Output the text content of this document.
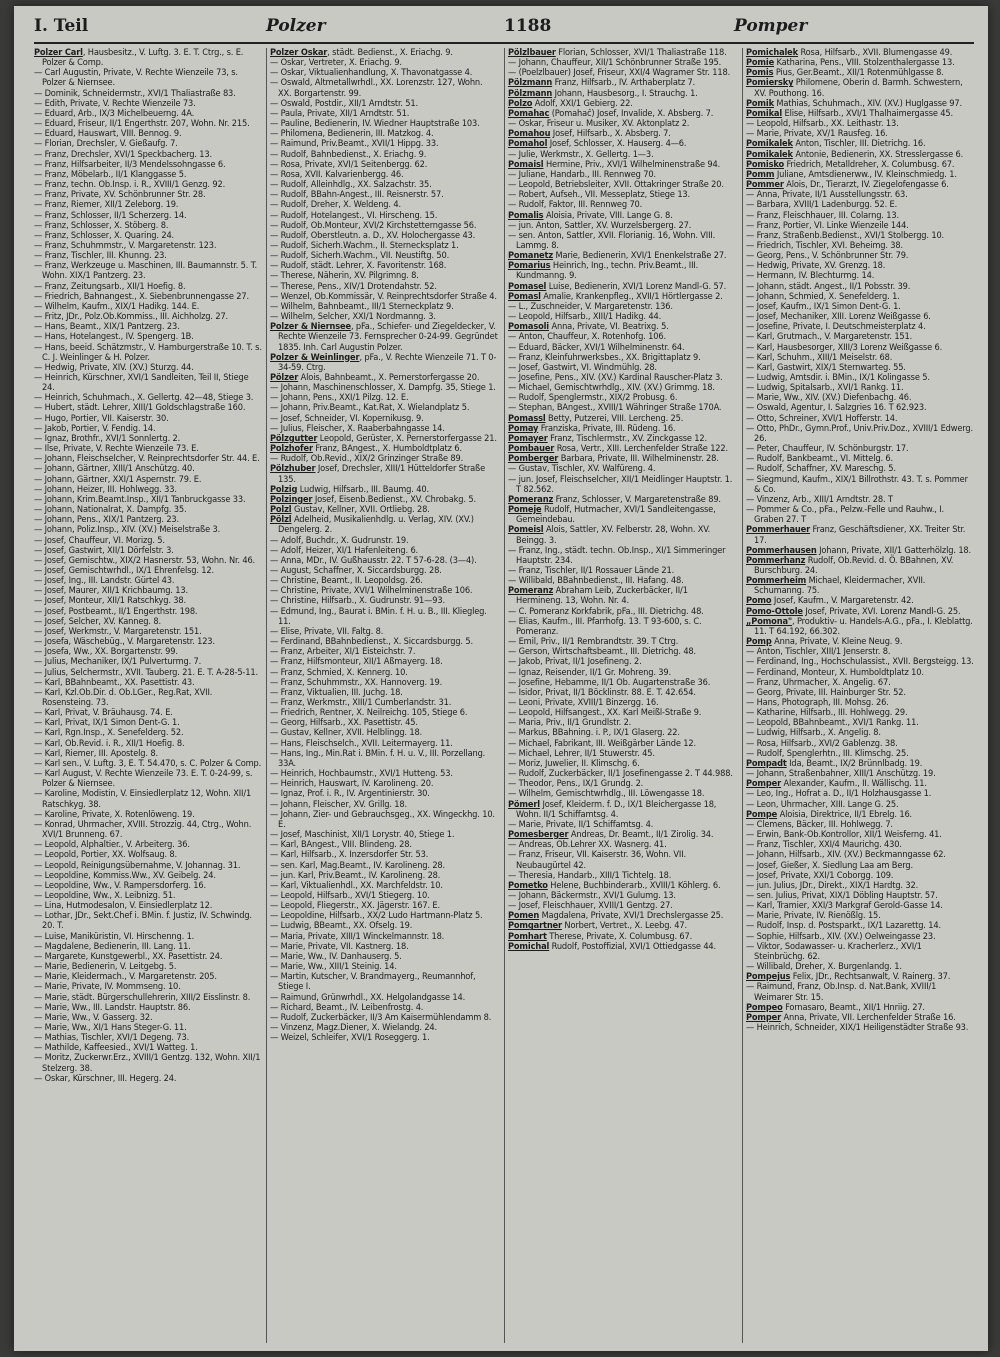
I. Teil	Polzer	1188	Pomper

Polzer Carl, Hausbesitz., V. Luftg. 3. E. T. Ctrg., s. E. Polzer & Comp.

— Carl Augustin, Private, V. Rechte Wienzeile 73, s. Polzer & Niernsee.

— Dominik, Schneidermstr., XVI/1 Thaliastraße 83.

— Edith, Private, V. Rechte Wienzeile 73.

— Eduard, Arb., IX/3 Michelbeuerng. 4A.

— Eduard, Friseur, II/1 Engerthstr. 207, Wohn. Nr. 215.

— Eduard, Hauswart, VIII. Bennog. 9.

— Florian, Drechsler, V. Gießaufg. 7.

— Franz, Drechsler, XVI/1 Speckbacherg. 13.

— Franz, Hilfsarbeiter, II/3 Mendelssohngasse 6.

— Franz, Möbelarb., II/1 Klanggasse 5.

— Franz, techn. Ob.Insp. i. R., XVIII/1 Genzg. 92.

— Franz, Private, XV. Schönbrunner Str. 28.

— Franz, Riemer, XII/1 Zeleborg. 19.

— Franz, Schlosser, II/1 Scherzerg. 14.

— Franz, Schlosser, X. Stöberg. 8.

— Franz, Schlosser, X. Quaring. 24.

— Franz, Schuhmmstr., V. Margaretenstr. 123.

— Franz, Tischler, III. Khunng. 23.

— Franz, Werkzeuge u. Maschinen, III. Baumannstr. 5. T. Wohn. XIX/1 Pantzerg. 23.

— Franz, Zeitungsarb., XII/1 Hoefig. 8.

— Friedrich, Bahnangest., X. Siebenbrunnengasse 27.

— Wilhelm, Kaufm., XIX/1 Hadikg. 144. E.

— Fritz, JDr., Polz.Ob.Kommiss., III. Aichholzg. 27.

— Hans, Beamt., XIX/1 Pantzerg. 23.

— Hans, Hotelangest., IV. Spengerg. 1B.

— Hans, beeid. Schätzmstr., V. Hamburgerstraße 10. T. s. C. J. Weinlinger & H. Polzer.

— Hedwig, Private, XIV. (XV.) Sturzg. 44.

— Heinrich, Kürschner, XVI/1 Sandleiten, Teil II, Stiege 24.

— Heinrich, Schuhmach., X. Gellertg. 42—48, Stiege 3.

— Hubert, städt. Lehrer, XIII/1 Goldschlagstraße 160.

— Hugo, Portier, VII. Kaiserstr. 30.

— Jakob, Portier, V. Fendig. 14.

— Ignaz, Brothfr., XVI/1 Sonnlertg. 2.

— Ilse, Private, V. Rechte Wienzeile 73. E.

— Johann, Fleischselcher, V. Reinprechtsdorfer Str. 44. E.

— Johann, Gärtner, XIII/1 Anschützg. 40.

— Johann, Gärtner, XXI/1 Aspernstr. 79. E.

— Johann, Heizer, III. Hohlwegg. 33.

— Johann, Krim.Beamt.Insp., XII/1 Tanbruckgasse 33.

— Johann, Nationalrat, X. Dampfg. 35.

— Johann, Pens., XIX/1 Pantzerg. 23.

— Johann, Poliz.Insp., XIV. (XV.) Meiselstraße 3.

— Josef, Chauffeur, VI. Morizg. 5.

— Josef, Gastwirt, XII/1 Dörfelstr. 3.

— Josef, Gemischtw., XIX/2 Hasnerstr. 53, Wohn. Nr. 46.

— Josef, Gemischtwrhdl., IX/1 Ehrenfelsg. 12.

— Josef, Ing., III. Landstr. Gürtel 43.

— Josef, Maurer, XII/1 Krichbaumg. 13.

— Josef, Monteur, XII/1 Ratschkyg. 38.

— Josef, Postbeamt., II/1 Engerthstr. 198.

— Josef, Selcher, XV. Kanneg. 8.

— Josef, Werkmstr., V. Margaretenstr. 151.

— Josefa, Wäschebüg., V. Margaretenstr. 123.

— Josefa, Ww., XX. Borgartenstr. 99.

— Julius, Mechaniker, IX/1 Pulverturmg. 7.

— Julius, Selchermstr., XVII. Tauberg. 21. E. T. A-28-5-11.

— Karl, BBahnbeamt., XX. Pasettistr. 43.

— Karl, Kzl.Ob.Dir. d. Ob.LGer., Reg.Rat, XVII. Rosensteing. 73.

— Karl, Privat, V. Bräuhausg. 74. E.

— Karl, Privat, IX/1 Simon Dent-G. 1.

— Karl, Rgn.Insp., X. Senefelderg. 52.

— Karl, Ob.Revid. i. R., XII/1 Hoefig. 8.

— Karl, Riemer, III. Apostelg. 8.

— Karl sen., V. Luftg. 3, E. T. 54.470, s. C. Polzer & Comp.

— Karl August, V. Rechte Wienzeile 73. E. T. 0-24-99, s. Polzer & Niernsee.

— Karoline, Modistin, V. Einsiedlerplatz 12, Wohn. XII/1 Ratschkyg. 38.

— Karoline, Private, X. Rotenlöweng. 19.

— Konrad, Uhrmacher, XVIII. Strozzig. 44, Ctrg., Wohn. XVI/1 Brunneng. 67.

— Leopold, Alphaltier., V. Arbeiterg. 36.

— Leopold, Portier, XX. Wolfsaug. 8.

— Leopold, Reinigungsübernahme, V. Johannag. 31.

— Leopoldine, Kommiss.Ww., XV. Geibelg. 24.

— Leopoldine, Ww., V. Rampersdorferg. 16.

— Leopoldine, Ww., X. Leibnizg. 51.

— Lina, Hutmodesalon, V. Einsiedlerplatz 12.

— Lothar, JDr., Sekt.Chef i. BMin. f. Justiz, IV. Schwindg. 20. T.

— Luise, Maniküristin, VI. Hirschenng. 1.

— Magdalene, Bedienerin, III. Lang. 11.

— Margarete, Kunstgewerbl., XX. Pasettistr. 24.

— Marie, Bedienerin, V. Leitgebg. 5.

— Marie, Kleidermach., V. Margaretenstr. 205.

— Marie, Private, IV. Mommseng. 10.

— Marie, städt. Bürgerschullehrerin, XIII/2 Eisslinstr. 8.

— Marie, Ww., III. Landstr. Hauptstr. 86.

— Marie, Ww., V. Gasserg. 32.

— Marie, Ww., XI/1 Hans Steger-G. 11.

— Mathias, Tischler, XVI/1 Degeng. 73.

— Mathilde, Kaffeesied., XVI/1 Watteg. 1.

— Moritz, Zuckerwr.Erz., XVIII/1 Gentzg. 132, Wohn. XII/1 Stelzerg. 38.

— Oskar, Kürschner, III. Hegerg. 24.

Polzer Oskar, städt. Bedienst., X. Eriachg. 9.

— Oskar, Vertreter, X. Eriachg. 9.

— Oskar, Viktualienhandlung, X. Thavonatgasse 4.

— Oswald, Altmetallwrhdl., XX. Lorenzstr. 127, Wohn. XX. Borgartenstr. 99.

— Oswald, Postdir., XII/1 Arndtstr. 51.

— Paula, Private, XII/1 Arndtstr. 51.

— Pauline, Bedienerin, IV. Wiedner Hauptstraße 103.

— Philomena, Bedienerin, III. Matzkog. 4.

— Raimund, Priv.Beamt., XVII/1 Hippg. 33.

— Rudolf, Bahnbedienst., X. Eriachg. 9.

— Rosa, Private, XVI/1 Seitenbergg. 62.

— Rosa, XVII. Kalvarienbergg. 46.

— Rudolf, Alleinhdlg., XX. Salzachstr. 35.

— Rudolf, BBahn-Angest., III. Reisnerstr. 57.

— Rudolf, Dreher, X. Weldeng. 4.

— Rudolf, Hotelangest., VI. Hirscheng. 15.

— Rudolf, Ob.Monteur, XVI/2 Kirchstetterngasse 56.

— Rudolf, Oberstleutn. a. D., XV. Holochergasse 43.

— Rudolf, Sicherh.Wachm., II. Sternecksplatz 1.

— Rudolf, Sicherh.Wachm., VII. Neustiftg. 50.

— Rudolf, städt. Lehrer, X. Favoritenstr. 168.

— Therese, Näherin, XV. Pilgrimng. 8.

— Therese, Pens., XIV/1 Drotendahstr. 52.

— Wenzel, Ob.Kommissär, V. Reinprechtsdorfer Straße 4.

— Wilhelm, Bahnbeamt., III/1 Sterneckplatz 9.

— Wilhelm, Selcher, XXI/1 Nordmanng. 3.

Polzer & Niernsee, pFa., Schiefer- und Ziegeldecker, V. Rechte Wienzeile 73. Fernsprecher 0-24-99. Gegründet 1835. Inh. Carl Augustin Polzer.

Polzer & Weinlinger, pFa., V. Rechte Wienzeile 71. T 0-34-59. Ctrg.

Pölzer Alois, Bahnbeamt., X. Pernerstorfergasse 20.

— Johann, Maschinenschlosser, X. Dampfg. 35, Stiege 1.

— Johann, Pens., XXI/1 Pilzg. 12. E.

— Johann, Priv.Beamt., Kat.Rat, X. Wielandplatz 5.

— Josef, Schneider, VI. Kopernikusg. 9.

— Julius, Fleischer, X. Raaberbahngasse 14.

Pölzgutter Leopold, Gerüster, X. Pernerstorfergasse 21.

Polzhofer Franz, BAngest., X. Humboldtplatz 6.

— Rudolf, Ob.Revid., XIX/2 Grinzinger Straße 89.

Pölzhuber Josef, Drechsler, XIII/1 Hütteldorfer Straße 135.

Polzig Ludwig, Hilfsarb., III. Baumg. 40.

Polzinger Josef, Eisenb.Bedienst., XV. Chrobakg. 5.

Polzl Gustav, Kellner, XVII. Ortliebg. 28.

Pölzl Adelheid, Musikalienhdlg. u. Verlag, XIV. (XV.) Dengelerg. 2.

— Adolf, Buchdr., X. Gudrunstr. 19.

— Adolf, Heizer, XI/1 Hafenleiteng. 6.

— Anna, MDr., IV. Gußhausstr. 22. T 57-6-28. (3—4).

— August, Schaffner, X. Siccardsburgg. 28.

— Christine, Beamt., II. Leopoldsg. 26.

— Christine, Private, XVI/1 Wilhelminenstraße 106.

— Christine, Hilfsarb., X. Gudrunstr. 91—93.

— Edmund, Ing., Baurat i. BMin. f. H. u. B., III. Kliegleg. 11.

— Elise, Private, VII. Faltg. 8.

— Ferdinand, BBahnbedienst., X. Siccardsburgg. 5.

— Franz, Arbeiter, XI/1 Eisteichstr. 7.

— Franz, Hilfsmonteur, XII/1 Aßmayerg. 18.

— Franz, Schmied, X. Kennerg. 10.

— Franz, Schuhmmstr., XX. Hannoverg. 19.

— Franz, Viktualien, III. Juchg. 18.

— Franz, Werkmstr., XIII/1 Cumberlandstr. 31.

— Friedrich, Rentner, X. Neilreichg. 105, Stiege 6.

— Georg, Hilfsarb., XX. Pasettistr. 45.

— Gustav, Kellner, XVII. Helblingg. 18.

— Hans, Fleischselch., XVII. Leitermayerg. 11.

— Hans, Ing., Min.Rat i. BMin. f. H. u. V., III. Porzellang. 33A.

— Heinrich, Hochbaumstr., XVI/1 Hutteng. 53.

— Heinrich, Hauswart, IV. Karolineng. 20.

— Ignaz, Prof. i. R., IV. Argentinierstr. 30.

— Johann, Fleischer, XV. Grillg. 18.

— Johann, Zier- und Gebrauchsgeg., XX. Wingeckhg. 10. E.

— Josef, Maschinist, XII/1 Lorystr. 40, Stiege 1.

— Karl, BAngest., VIII. Blindeng. 28.

— Karl, Hilfsarb., X. Inzersdorfer Str. 53.

— sen. Karl, Mag.Beamt., IV. Karolineng. 28.

— jun. Karl, Priv.Beamt., IV. Karolineng. 28.

— Karl, Viktualienhdl., XX. Marchfeldstr. 10.

— Leopold, Hilfsarb., XVI/1 Stiegerg. 10.

— Leopold, Fliegerstr., XX. Jägerstr. 167. E.

— Leopoldine, Hilfsarb., XX/2 Ludo Hartmann-Platz 5.

— Ludwig, BBeamt., XX. Ofselg. 19.

— Maria, Private, XIII/1 Winckelmannstr. 18.

— Marie, Private, VII. Kastnerg. 18.

— Marie, Ww., IV. Danhauserg. 5.

— Marie, Ww., XIII/1 Steinig. 14.

— Martin, Kutscher, V. Brandmayerg., Reumannhof, Stiege I.

— Raimund, Grünwrhdl., XX. Helgolandgasse 14.

— Richard, Beamt., IV. Leibenfrostg. 4.

— Rudolf, Zuckerbäcker, II/3 Am Kaisermühlendamm 8.

— Vinzenz, Magz.Diener, X. Wielandg. 24.

— Weizel, Schleifer, XVI/1 Roseggerg. 1.

Pölzlbauer Florian, Schlosser, XVI/1 Thaliastraße 118.

— Johann, Chauffeur, XII/1 Schönbrunner Straße 195.

— (Poelzlbauer) Josef, Friseur, XXI/4 Wagramer Str. 118.

Pölzmann Franz, Hilfsarb., IV. Arthaberplatz 7.

Pölzmann Johann, Hausbesorg., I. Strauchg. 1.

Polzo Adolf, XXI/1 Gebierg. 22.

Pomahac (Pomahaĉ) Josef, Invalide, X. Absberg. 7.

— Oskar, Friseur u. Musiker, XV. Aktonplatz 2.

Pomahou Josef, Hilfsarb., X. Absberg. 7.

Pomahol Josef, Schlosser, X. Hauserg. 4—6.

— Julie, Werkmstr., X. Gellertg. 1—3.

Pomaisl Hermine, Priv., XVI/1 Wilhelminenstraße 94.

— Juliane, Handarb., III. Rennweg 70.

— Leopold, Betriebsleiter, XVII. Ottakringer Straße 20.

— Robert, Aufseh., VII. Messeplatz, Stiege 13.

— Rudolf, Faktor, III. Rennweg 70.

Pomalis Aloisia, Private, VIII. Lange G. 8.

— jun. Anton, Sattler, XV. Wurzelsbergerg. 27.

— sen. Anton, Sattler, XVII. Florianig. 16, Wohn. VIII. Lammg. 8.

Pomanetz Marie, Bedienerin, XVI/1 Enenkelstraße 27.

Pomarius Heinrich, Ing., techn. Priv.Beamt., III. Kundmanng. 9.

Pomasel Luise, Bedienerin, XVI/1 Lorenz Mandl-G. 57.

Pomasl Amalie, Krankenpfleg., XVII/1 Hörtlergasse 2.

— L., Zuschneider, V. Margaretenstr. 136.

— Leopold, Hilfsarb., XIII/1 Hadikg. 44.

Pomasoli Anna, Private, VI. Beatrixg. 5.

— Anton, Chauffeur, X. Rotenhofg. 106.

— Eduard, Bäcker, XVI/1 Wilhelminenstr. 64.

— Franz, Kleinfuhrwerksbes., XX. Brigittaplatz 9.

— Josef, Gastwirt, VI. Windmühlg. 28.

— Josefine, Pens., XIV. (XV.) Kardinal Rauscher-Platz 3.

— Michael, Gemischtwrhdlg., XIV. (XV.) Grimmg. 18.

— Rudolf, Spenglermstr., XIX/2 Probusg. 6.

— Stephan, BAngest., XVIII/1 Währinger Straße 170A.

Pomassl Betty, Putzerei, VIII. Lercheng. 25.

Pomay Franziska, Private, III. Rüdeng. 16.

Pomayer Franz, Tischlermstr., XV. Zinckgasse 12.

Pombauer Rosa, Vertr., XIII. Lerchenfelder Straße 122.

Pomberger Barbara, Private, III. Wilhelminenstr. 28.

— Gustav, Tischler, XV. Walfüreng. 4.

— jun. Josef, Fleischselcher, XII/1 Meidlinger Hauptstr. 1. T 82.562.

Pomeranz Franz, Schlosser, V. Margaretenstraße 89.

Pomeje Rudolf, Hutmacher, XVI/1 Sandleitengasse, Gemeindebau.

Pomeisl Alois, Sattler, XV. Felberstr. 28, Wohn. XV. Beingg. 3.

— Franz, Ing., städt. techn. Ob.Insp., XI/1 Simmeringer Hauptstr. 234.

— Franz, Tischler, II/1 Rossauer Lände 21.

— Willibald, BBahnbedienst., III. Hafang. 48.

Pomeranz Abraham Leib, Zuckerbäcker, II/1 Hermineng. 13, Wohn. Nr. 4.

— C. Pomeranz Korkfabrik, pFa., III. Dietrichg. 48.

— Elias, Kaufm., III. Pfarrhofg. 13. T 93-600, s. C. Pomeranz.

— Emil, Priv., II/1 Rembrandtstr. 39. T Ctrg.

— Gerson, Wirtschaftsbeamt., III. Dietrichg. 48.

— Jakob, Privat, II/1 Josefineng. 2.

— Ignaz, Reisender, II/1 Gr. Mohreng. 39.

— Josefine, Hebamme, II/1 Ob. Augartenstraße 36.

— Isidor, Privat, II/1 Böcklinstr. 88. E. T. 42.654.

— Leoni, Private, XVIII/1 Binzergg. 16.

— Leopold, Hilfsangest., XX. Karl Meißl-Straße 9.

— Maria, Priv., II/1 Grundlstr. 2.

— Markus, BBahning. i. P., IX/1 Glaserg. 22.

— Michael, Fabrikant, III. Weißgärber Lände 12.

— Michael, Lehrer, II/1 Stuwerstr. 45.

— Moriz, Juwelier, II. Klimschg. 6.

— Rudolf, Zuckerbäcker, II/1 Josefinengasse 2. T 44.988.

— Theodor, Pens., IX/1 Grundg. 2.

— Wilhelm, Gemischtwrhdlg., III. Löwengasse 18.

Pömerl Josef, Kleiderm. f. D., IX/1 Bleichergasse 18, Wohn. II/1 Schiffamtsg. 4.

— Marie, Private, II/1 Schiffamtsg. 4.

Pomesberger Andreas, Dr. Beamt., II/1 Zirolig. 34.

— Andreas, Ob.Lehrer XX. Wasnerg. 41.

— Franz, Friseur, VII. Kaiserstr. 36, Wohn. VII. Neubaugürtel 42.

— Theresia, Handarb., XIII/1 Tichtelg. 18.

Pometko Helene, Buchbinderarb., XVIII/1 Köhlerg. 6.

— Johann, Bäckermstr., XVI/1 Gulumg. 13.

— Josef, Fleischhauer, XVIII/1 Gentzg. 27.

Pomen Magdalena, Private, XVI/1 Drechslergasse 25.

Pomgartner Norbert, Vertret., X. Leebg. 47.

Pomhart Therese, Private, X. Columbusg. 67.

Pomichal Rudolf, Postoffizial, XVI/1 Ottiedgasse 44.

Pomichalek Rosa, Hilfsarb., XVII. Blumengasse 49.

Pomie Katharina, Pens., VIII. Stolzenthalergasse 13.

Pomis Pius, Ger.Beamt., XII/1 Rotenmühlgasse 8.

Pomiersky Philomene, Oberin d. Barmh. Schwestern, XV. Pouthong. 16.

Pomik Mathias, Schuhmach., XIV. (XV.) Huglgasse 97.

Pomikal Elise, Hilfsarb., XVI/1 Thalhaimergasse 45.

— Leopold, Hilfsarb., XX. Leithastr. 13.

— Marie, Private, XV/1 Rausfeg. 16.

Pomikalek Anton, Tischler, III. Dietrichg. 16.

Pomikalek Antonie, Bedienerin, XX. Stresslergasse 6.

Pomisko Friedrich, Metalldreher, X. Columbusg. 67.

Pomm Juliane, Amtsdienerww., IV. Kleinschmiedg. 1.

Pommer Alois, Dr., Tierarzt, IV. Ziegelofengasse 6.

— Anna, Private, II/1 Ausstellungsstr. 63.

— Barbara, XVIII/1 Ladenburgg. 52. E.

— Franz, Fleischhauer, III. Colarng. 13.

— Franz, Portier, VI. Linke Wienzeile 144.

— Franz, Straßenb.Bedienst., XVI/1 Stolbergg. 10.

— Friedrich, Tischler, XVI. Beheimg. 38.

— Georg, Pens., V. Schönbrunner Str. 79.

— Hedwig, Private, XV. Grenzg. 18.

— Hermann, IV. Blechturmg. 14.

— Johann, städt. Angest., II/1 Pobsstr. 39.

— Johann, Schmied, X. Senefelderg. 1.

— Josef, Kaufm., IX/1 Simon Dent-G. 1.

— Josef, Mechaniker, XIII. Lorenz Weißgasse 6.

— Josefine, Private, I. Deutschmeisterplatz 4.

— Karl, Grutmach., V. Margaretenstr. 151.

— Karl, Hausbesorger, XIII/3 Lorenz Weißgasse 6.

— Karl, Schuhm., XIII/1 Meiselstr. 68.

— Karl, Gastwirt, XIX/1 Sternwarteg. 55.

— Ludwig, Amtsdir. i. BMin., IX/1 Kolingasse 5.

— Ludwig, Spitalsarb., XVI/1 Rankg. 11.

— Marie, Ww., XIV. (XV.) Diefenbachg. 46.

— Oswald, Agentur, I. Salzgries 16. T 62.923.

— Otto, Schreiner, XVI/1 Hofferstr. 14.

— Otto, PhDr., Gymn.Prof., Univ.Priv.Doz., XVIII/1 Edwerg. 26.

— Peter, Chauffeur, IV. Schönburgstr. 17.

— Rudolf, Bankbeamt., VI. Mittelg. 6.

— Rudolf, Schaffner, XV. Mareschg. 5.

— Siegmund, Kaufm., XIX/1 Billrothstr. 43. T. s. Pommer & Co.

— Vinzenz, Arb., XIII/1 Arndtstr. 28. T

— Pommer & Co., pFa., Pelzw.-Felle und Rauhw., I. Graben 27. T

Pommerhauer Franz, Geschäftsdiener, XX. Treiter Str. 17.

Pommerhausen Johann, Private, XII/1 Gatterhölzlg. 18.

Pommerhanz Rudolf, Ob.Revid. d. Ö. BBahnen, XV. Burschburg. 24.

Pommerheim Michael, Kleidermacher, XVII. Schumanng. 75.

Pomo Josef, Kaufm., V. Margaretenstr. 42.

Pomo-Ottole Josef, Private, XVI. Lorenz Mandl-G. 25.

„Pomona", Produktiv- u. Handels-A.G., pFa., I. Kleblattg. 11. T 64.192, 66.302.

Pomp Anna, Private, V. Kleine Neug. 9.

— Anton, Tischler, XIII/1 Jenserstr. 8.

— Ferdinand, Ing., Hochschulassist., XVII. Bergsteigg. 13.

— Ferdinand, Monteur, X. Humboldtplatz 10.

— Franz, Uhrmacher, X. Angelig. 67.

— Georg, Private, III. Hainburger Str. 52.

— Hans, Photograph, III. Mohsg. 26.

— Katharine, Hilfsarb., III. Hohlwegg. 29.

— Leopold, BBahnbeamt., XVI/1 Rankg. 11.

— Ludwig, Hilfsarb., X. Angelig. 8.

— Rosa, Hilfsarb., XVI/2 Gablenzg. 38.

— Rudolf, Spenglerhtn., III. Klimschg. 25.

Pompadt Ida, Beamt., IX/2 Brünnlbadg. 19.

— Johann, Straßenbahner, XIII/1 Anschützg. 19.

Pomper Alexander, Kaufm., II. Wällischg. 11.

— Leo, Ing., Hofrat a. D., II/1 Holzhausgasse 1.

— Leon, Uhrmacher, XIII. Lange G. 25.

Pompe Aloisia, Direktrice, II/1 Ebrelg. 16.

— Clemens, Bäcker, III. Hohlwegg. 7.

— Erwin, Bank-Ob.Kontrollor, XII/1 Weisferng. 41.

— Franz, Tischler, XXI/4 Maurichg. 430.

— Johann, Hilfsarb., XIV. (XV.) Beckmanngasse 62.

— Josef, Gießer, X. Siedlung Laa am Berg.

— Josef, Private, XXI/1 Coborgg. 109.

— jun. Julius, JDr., Direkt., XIX/1 Hardtg. 32.

— sen. Julius, Privat, XIX/1 Döbling Hauptstr. 57.

— Karl, Tramier, XXI/3 Markgraf Gerold-Gasse 14.

— Marie, Private, IV. Rienößlg. 15.

— Rudolf, Insp. d. Postsparkt., IX/1 Lazarettg. 14.

— Sophie, Hilfsarb., XIV. (XV.) Oelweingasse 23.

— Viktor, Sodawasser- u. Kracherlerz., XVI/1 Steinbrüchg. 62.

— Willibald, Dreher, X. Burgenlandg. 1.

Pompejus Felix, JDr., Rechtsanwalt, V. Rainerg. 37.

— Raimund, Franz, Ob.Insp. d. Nat.Bank, XVIII/1 Weimarer Str. 15.

Pompeo Fornasaro, Beamt., XII/1 Hnriig. 27.

Pomper Anna, Private, VII. Lerchenfelder Straße 16.

— Heinrich, Schneider, XIX/1 Heiligenstädter Straße 93.
